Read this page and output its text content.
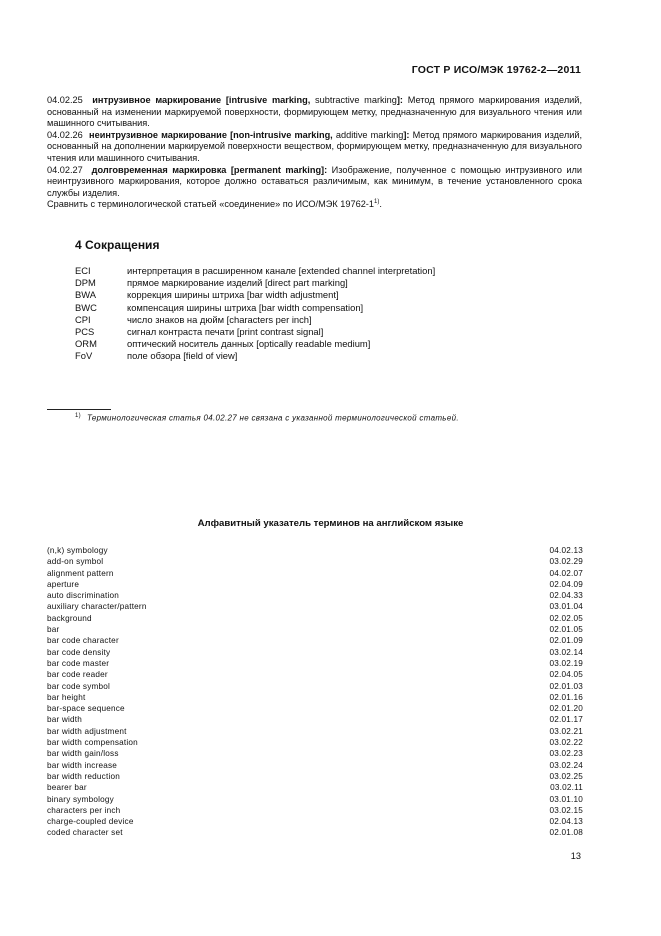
ГОСТ Р ИСО/МЭК 19762-2—2011

04.02.25 интрузивное маркирование [intrusive marking, subtractive marking]: Метод прямого маркирования изделий, основанный на изменении маркируемой поверхности, формирующем метку, предназначенную для визуального чтения или машинного считывания.

04.02.26 неинтрузивное маркирование [non-intrusive marking, additive marking]: Метод прямого маркирования изделий, основанный на дополнении маркируемой поверхности веществом, формирующем метку, предназначенную для визуального чтения или машинного считывания.

04.02.27 долговременная маркировка [permanent marking]: Изображение, полученное с помощью интрузивного или неинтрузивного маркирования, которое должно оставаться различимым, как минимум, в течение установленного срока службы изделия.

Сравнить с терминологической статьей «соединение» по ИСО/МЭК 19762-1$^{1)}$.

4 Сокращения
ECI	интерпретация в расширенном канале [extended channel interpretation]
DPM	прямое маркирование изделий [direct part marking]
BWA	коррекция ширины штриха [bar width adjustment]
BWC	компенсация ширины штриха [bar width compensation]
CPI	число знаков на дюйм [characters per inch]
PCS	сигнал контраста печати [print contrast signal]
ORM	оптический носитель данных [optically readable medium]
FoV	поле обзора [field of view]
$^{1)}$ Терминологическая статья 04.02.27 не связана с указанной терминологической статьей.
Алфавитный указатель терминов на английском языке
(n,k) symbology	04.02.13
add-on symbol	03.02.29
alignment pattern	04.02.07
aperture	02.04.09
auto discrimination	02.04.33
auxiliary character/pattern	03.01.04
background	02.02.05
bar	02.01.05
bar code character	02.01.09
bar code density	03.02.14
bar code master	03.02.19
bar code reader	02.04.05
bar code symbol	02.01.03
bar height	02.01.16
bar-space sequence	02.01.20
bar width	02.01.17
bar width adjustment	03.02.21
bar width compensation	03.02.22
bar width gain/loss	03.02.23
bar width increase	03.02.24
bar width reduction	03.02.25
bearer bar	03.02.11
binary symbology	03.01.10
characters per inch	03.02.15
charge-coupled device	02.04.13
coded character set	02.01.08
13
